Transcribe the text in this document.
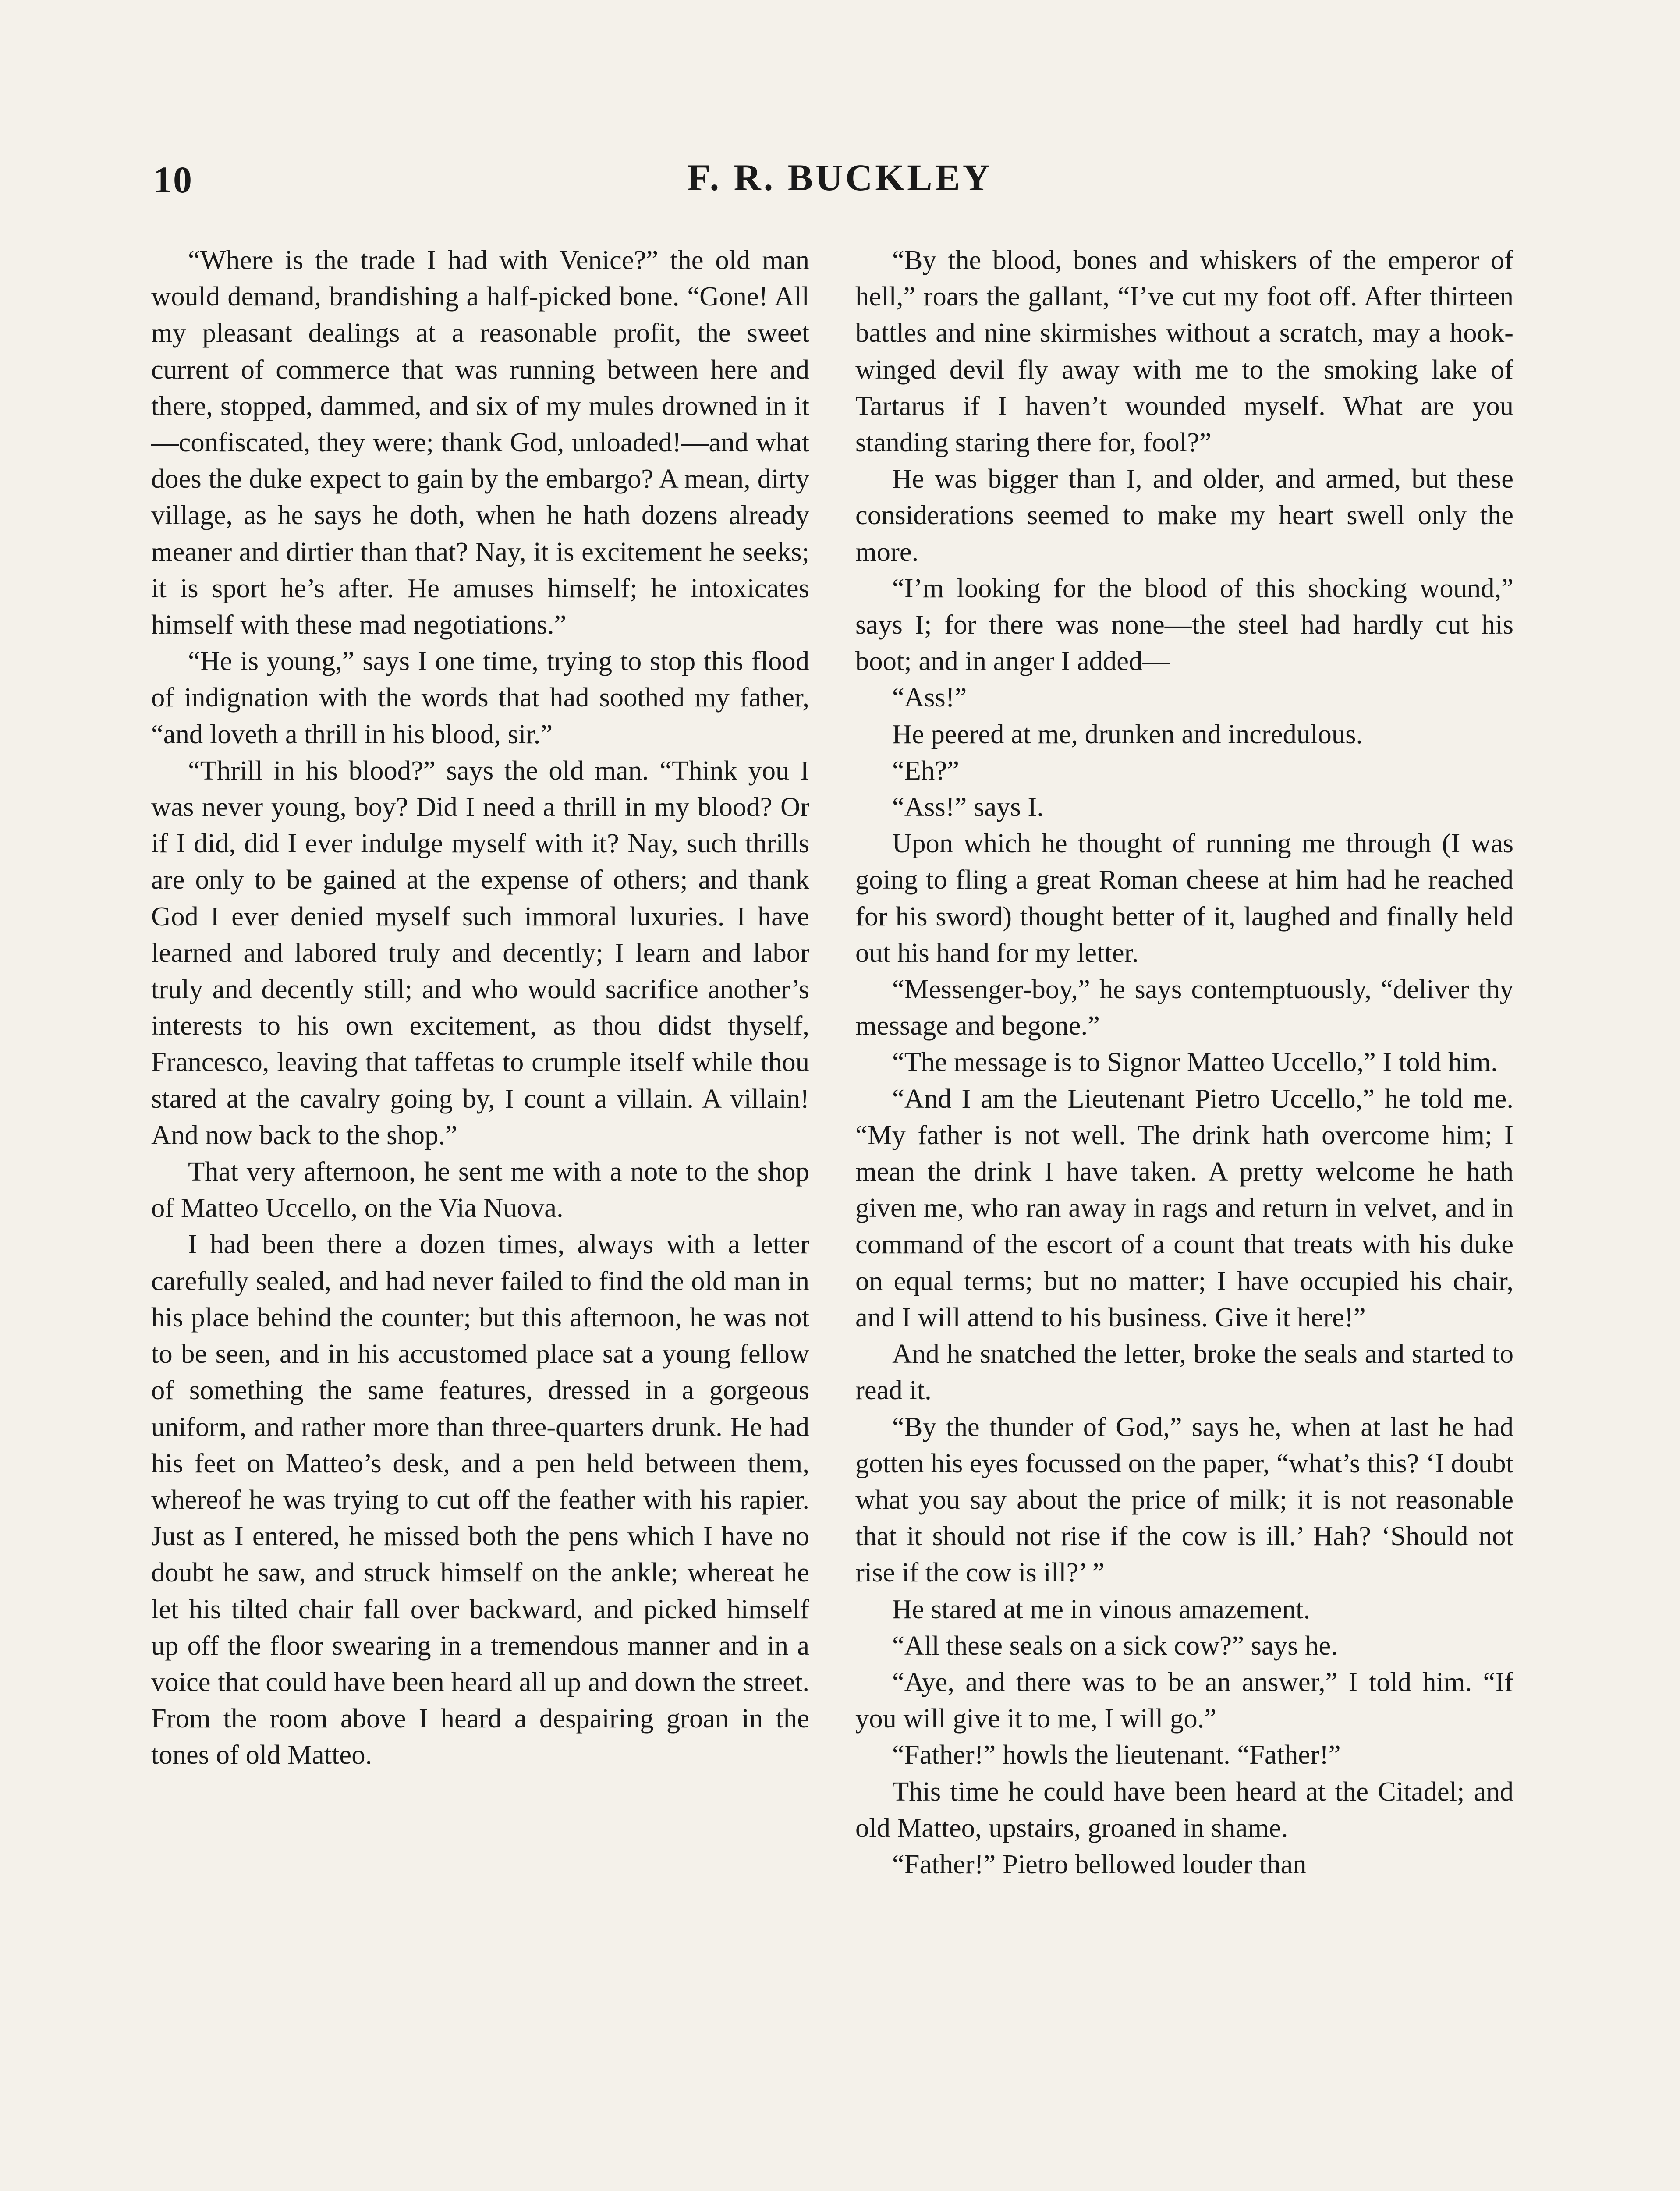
10	F. R. BUCKLEY

“Where is the trade I had with Venice?” the old man would demand, brandishing a half-picked bone. “Gone! All my pleasant dealings at a reasonable profit, the sweet current of commerce that was running between here and there, stopped, dammed, and six of my mules drowned in it—confiscated, they were; thank God, unloaded!—and what does the duke expect to gain by the embargo? A mean, dirty village, as he says he doth, when he hath dozens already meaner and dirtier than that? Nay, it is excitement he seeks; it is sport he’s after. He amuses himself; he intoxicates himself with these mad negotiations.”

“He is young,” says I one time, trying to stop this flood of indignation with the words that had soothed my father, “and loveth a thrill in his blood, sir.”

“Thrill in his blood?” says the old man. “Think you I was never young, boy? Did I need a thrill in my blood? Or if I did, did I ever indulge myself with it? Nay, such thrills are only to be gained at the expense of others; and thank God I ever denied myself such immoral luxuries. I have learned and labored truly and decently; I learn and labor truly and decently still; and who would sacrifice another’s interests to his own excitement, as thou didst thyself, Francesco, leaving that taffetas to crumple itself while thou stared at the cavalry going by, I count a villain. A villain! And now back to the shop.”

That very afternoon, he sent me with a note to the shop of Matteo Uccello, on the Via Nuova.

I had been there a dozen times, always with a letter carefully sealed, and had never failed to find the old man in his place behind the counter; but this afternoon, he was not to be seen, and in his accustomed place sat a young fellow of something the same features, dressed in a gorgeous uniform, and rather more than three-quarters drunk. He had his feet on Matteo’s desk, and a pen held between them, whereof he was trying to cut off the feather with his rapier. Just as I entered, he missed both the pens which I have no doubt he saw, and struck himself on the ankle; whereat he let his tilted chair fall over backward, and picked himself up off the floor swearing in a tremendous manner and in a voice that could have been heard all up and down the street. From the room above I heard a despairing groan in the tones of old Matteo.

“By the blood, bones and whiskers of the emperor of hell,” roars the gallant, “I’ve cut my foot off. After thirteen battles and nine skirmishes without a scratch, may a hook-winged devil fly away with me to the smoking lake of Tartarus if I haven’t wounded myself. What are you standing staring there for, fool?”

He was bigger than I, and older, and armed, but these considerations seemed to make my heart swell only the more.

“I’m looking for the blood of this shocking wound,” says I; for there was none—the steel had hardly cut his boot; and in anger I added—

“Ass!”

He peered at me, drunken and incredulous.

“Eh?”

“Ass!” says I.

Upon which he thought of running me through (I was going to fling a great Roman cheese at him had he reached for his sword) thought better of it, laughed and finally held out his hand for my letter.

“Messenger-boy,” he says contemptuously, “deliver thy message and begone.”

“The message is to Signor Matteo Uccello,” I told him.

“And I am the Lieutenant Pietro Uccello,” he told me. “My father is not well. The drink hath overcome him; I mean the drink I have taken. A pretty welcome he hath given me, who ran away in rags and return in velvet, and in command of the escort of a count that treats with his duke on equal terms; but no matter; I have occupied his chair, and I will attend to his business. Give it here!”

And he snatched the letter, broke the seals and started to read it.

“By the thunder of God,” says he, when at last he had gotten his eyes focussed on the paper, “what’s this? ‘I doubt what you say about the price of milk; it is not reasonable that it should not rise if the cow is ill.’ Hah? ‘Should not rise if the cow is ill?’ ”

He stared at me in vinous amazement.

“All these seals on a sick cow?” says he.

“Aye, and there was to be an answer,” I told him. “If you will give it to me, I will go.”

“Father!” howls the lieutenant. “Father!”

This time he could have been heard at the Citadel; and old Matteo, upstairs, groaned in shame.

“Father!” Pietro bellowed louder than
